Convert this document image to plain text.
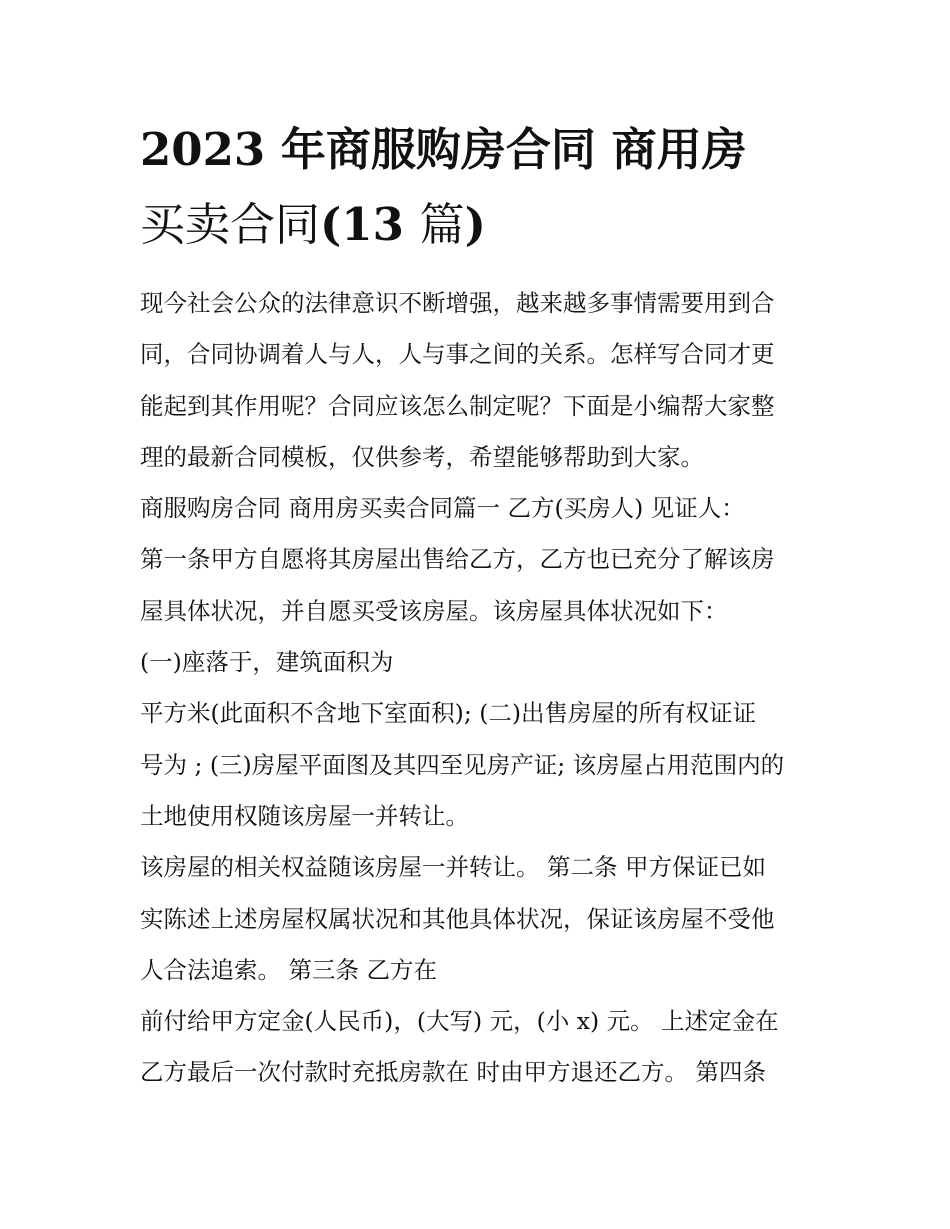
2023 年商服购房合同 商用房
买卖合同(13 篇)
现今社会公众的法律意识不断增强，越来越多事情需要用到合
同，合同协调着人与人，人与事之间的关系。怎样写合同才更
能起到其作用呢？合同应该怎么制定呢？下面是小编帮大家整
理的最新合同模板，仅供参考，希望能够帮助到大家。
商服购房合同 商用房买卖合同篇一 乙方(买房人) 见证人：
第一条甲方自愿将其房屋出售给乙方，乙方也已充分了解该房
屋具体状况，并自愿买受该房屋。该房屋具体状况如下：
(一)座落于，建筑面积为
平方米(此面积不含地下室面积); (二)出售房屋的所有权证证
号为 ; (三)房屋平面图及其四至见房产证; 该房屋占用范围内的
土地使用权随该房屋一并转让。
该房屋的相关权益随该房屋一并转让。 第二条 甲方保证已如
实陈述上述房屋权属状况和其他具体状况，保证该房屋不受他
人合法追索。 第三条 乙方在
前付给甲方定金(人民币)，(大写) 元，(小 x) 元。 上述定金在
乙方最后一次付款时充抵房款在 时由甲方退还乙方。 第四条
